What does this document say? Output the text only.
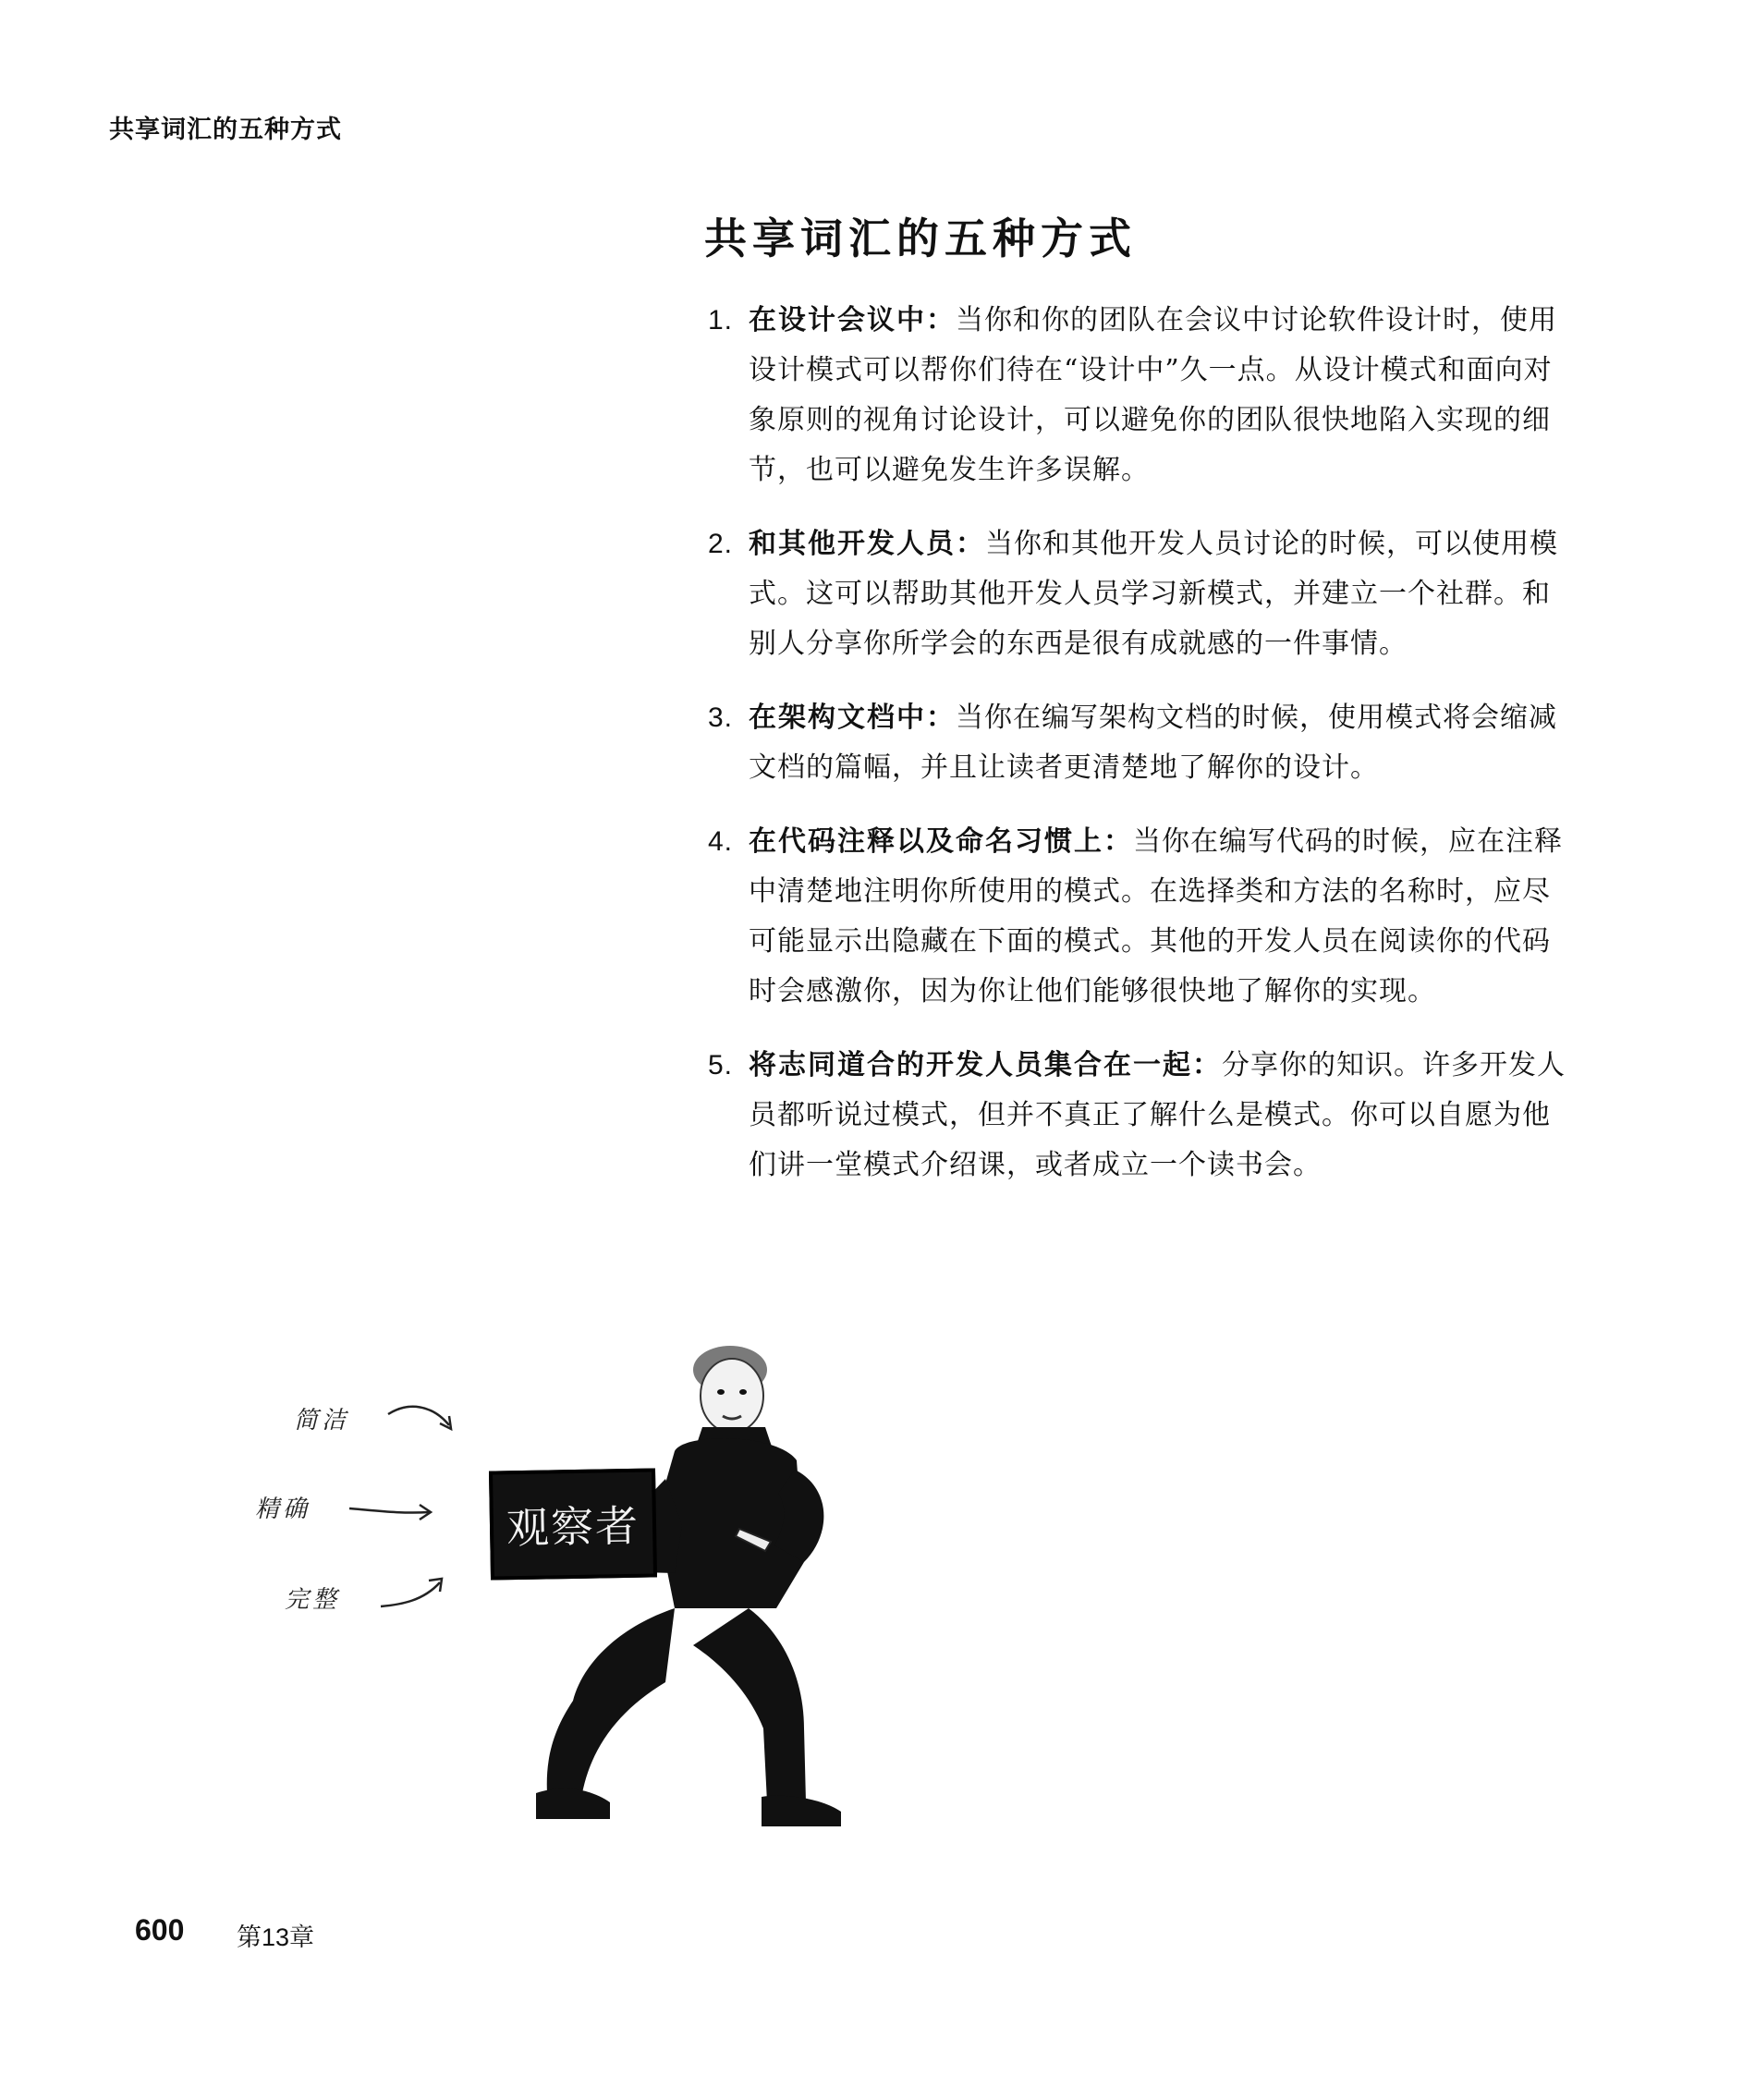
共享词汇的五种方式
共享词汇的五种方式
1. 在设计会议中：当你和你的团队在会议中讨论软件设计时，使用设计模式可以帮你们待在“设计中”久一点。从设计模式和面向对象原则的视角讨论设计，可以避免你的团队很快地陷入实现的细节，也可以避免发生许多误解。
2. 和其他开发人员：当你和其他开发人员讨论的时候，可以使用模式。这可以帮助其他开发人员学习新模式，并建立一个社群。和别人分享你所学会的东西是很有成就感的一件事情。
3. 在架构文档中：当你在编写架构文档的时候，使用模式将会缩减文档的篇幅，并且让读者更清楚地了解你的设计。
4. 在代码注释以及命名习惯上：当你在编写代码的时候，应在注释中清楚地注明你所使用的模式。在选择类和方法的名称时，应尽可能显示出隐藏在下面的模式。其他的开发人员在阅读你的代码时会感激你，因为你让他们能够很快地了解你的实现。
5. 将志同道合的开发人员集合在一起：分享你的知识。许多开发人员都听说过模式，但并不真正了解什么是模式。你可以自愿为他们讲一堂模式介绍课，或者成立一个读书会。
简洁
精确
完整
观察者
600 第13章
